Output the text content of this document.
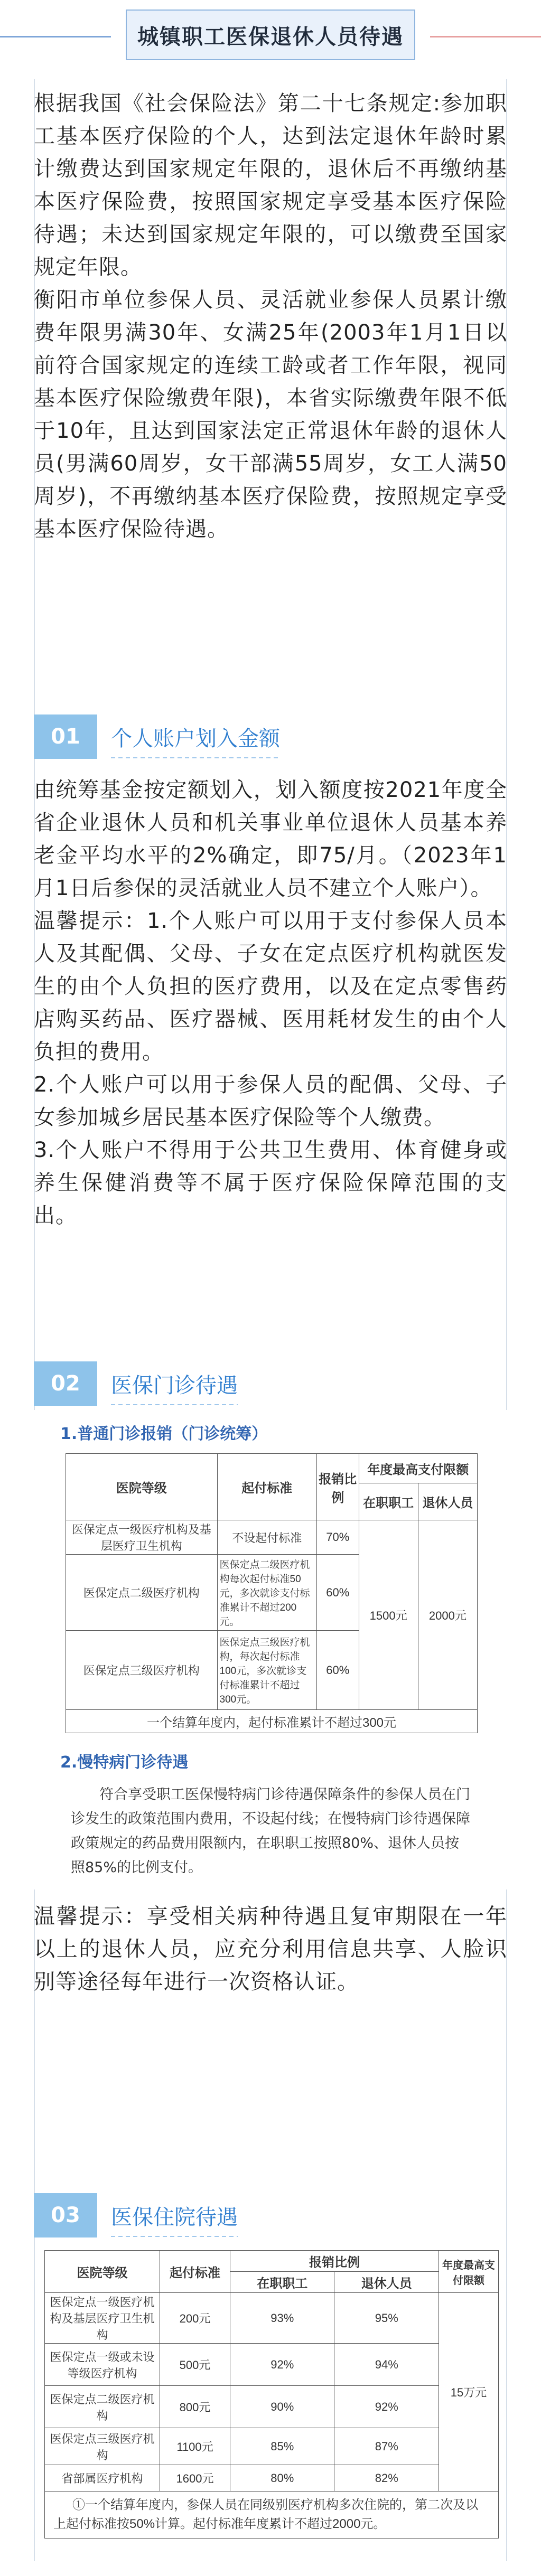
城镇职工医保退休人员待遇

根据我国《社会保险法》第二十七条规定:参加职工基本医疗保险的个人，达到法定退休年龄时累计缴费达到国家规定年限的，退休后不再缴纳基本医疗保险费，按照国家规定享受基本医疗保险待遇；未达到国家规定年限的，可以缴费至国家规定年限。

衡阳市单位参保人员、灵活就业参保人员累计缴费年限男满30年、女满25年(2003年1月1日以前符合国家规定的连续工龄或者工作年限，视同基本医疗保险缴费年限)，本省实际缴费年限不低于10年，且达到国家法定正常退休年龄的退休人员(男满60周岁，女干部满55周岁，女工人满50周岁)，不再缴纳基本医疗保险费，按照规定享受基本医疗保险待遇。

01	个人账户划入金额

由统筹基金按定额划入，划入额度按2021年度全省企业退休人员和机关事业单位退休人员基本养老金平均水平的2%确定，即75/月。（2023年1月1日后参保的灵活就业人员不建立个人账户）。

温馨提示：1.个人账户可以用于支付参保人员本人及其配偶、父母、子女在定点医疗机构就医发生的由个人负担的医疗费用，以及在定点零售药店购买药品、医疗器械、医用耗材发生的由个人负担的费用。

2.个人账户可以用于参保人员的配偶、父母、子女参加城乡居民基本医疗保险等个人缴费。

3.个人账户不得用于公共卫生费用、体育健身或养生保健消费等不属于医疗保险保障范围的支出。

02	医保门诊待遇
1.普通门诊报销（门诊统筹）
医院等级	起付标准	报销比例	年度最高支付限额	
			在职职工	退休人员
医保定点一级医疗机构及基层医疗卫生机构	不设起付标准	70%	1500元	2000元
医保定点二级医疗机构	医保定点二级医疗机构每次起付标准50元，多次就诊支付标准累计不超过200元。	60%		
医保定点三级医疗机构	医保定点三级医疗机构，每次起付标准100元，多次就诊支付标准累计不超过300元。	60%		
一个结算年度内，起付标准累计不超过300元				
2.慢特病门诊待遇
符合享受职工医保慢特病门诊待遇保障条件的参保人员在门诊发生的政策范围内费用，不设起付线；在慢特病门诊待遇保障政策规定的药品费用限额内，在职职工按照80%、退休人员按照85%的比例支付。

温馨提示：享受相关病种待遇且复审期限在一年以上的退休人员，应充分利用信息共享、人脸识别等途径每年进行一次资格认证。

03	医保住院待遇
医院等级	起付标准	报销比例		年度最高支付限额
		在职职工	退休人员	
医保定点一级医疗机构及基层医疗卫生机构	200元	93%	95%	15万元
医保定点一级或未设等级医疗机构	500元	92%	94%	
医保定点二级医疗机构	800元	90%	92%	
医保定点三级医疗机构	1100元	85%	87%	
省部属医疗机构	1600元	80%	82%	
①一个结算年度内，参保人员在同级别医疗机构多次住院的，第二次及以上起付标准按50%计算。起付标准年度累计不超过2000元。				
